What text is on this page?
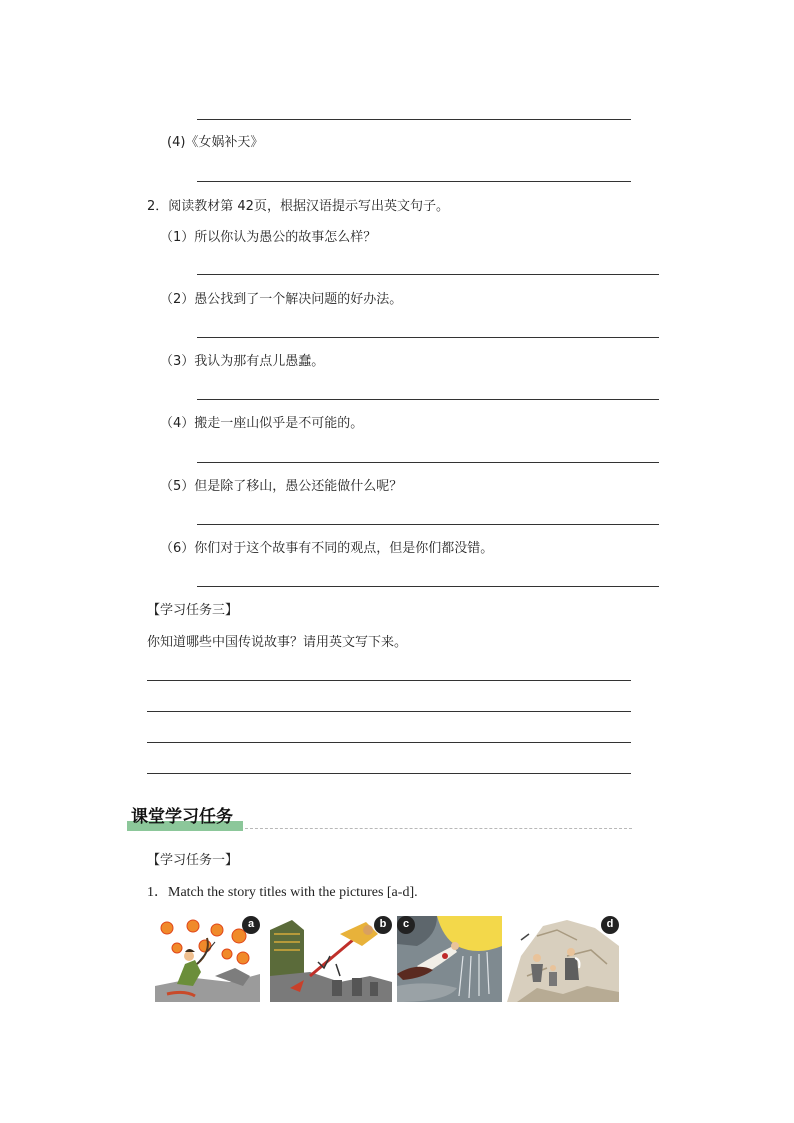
(4)《女娲补天》
2．阅读教材第 42页，根据汉语提示写出英文句子。
（1）所以你认为愚公的故事怎么样？
（2）愚公找到了一个解决问题的好办法。
（3）我认为那有点儿愚蠢。
（4）搬走一座山似乎是不可能的。
（5）但是除了移山，愚公还能做什么呢？
（6）你们对于这个故事有不同的观点，但是你们都没错。
【学习任务三】
你知道哪些中国传说故事？请用英文写下来。
课堂学习任务
【学习任务一】
1．Match the story titles with the pictures [a-d].
a	b	c	d
